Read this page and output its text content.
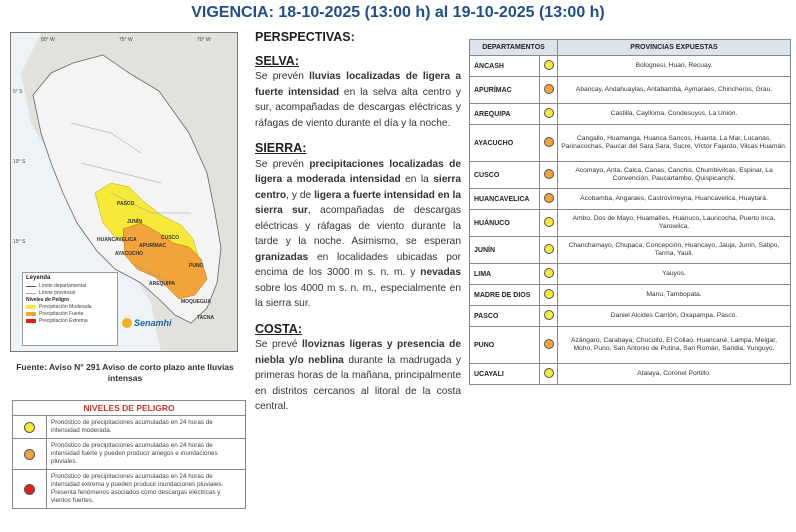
VIGENCIA: 18-10-2025 (13:00 h) al 19-10-2025 (13:00 h)
80° W	75° W	70° W
5° S
10° S
15° S
PASCO
JUNÍN
HUANCAVELICA
AYACUCHO
APURÍMAC
CUSCO
PUNO
AREQUIPA
MOQUEGUA
TACNA
Leyenda
Límite departamental
Límite provincial
Niveles de Peligro
Precipitación Moderada
Precipitación Fuerte
Precipitación Extrema	Senamhi
Fuente: Aviso N° 291 Aviso de corto plazo ante lluvias intensas
NIVELES DE PELIGRO
Pronóstico de precipitaciones acumuladas en 24 horas de intensidad moderada.
Pronóstico de precipitaciones acumuladas en 24 horas de intensidad fuerte y pueden producir aniegos e inundaciones pluviales.
Pronóstico de precipitaciones acumuladas en 24 horas de intensidad extrema y pueden producir inundaciones pluviales. Presenta fenómenos asociados como descargas eléctricas y vientos fuertes.
PERSPECTIVAS:
SELVA:

Se prevén lluvias localizadas de ligera a fuerte intensidad en la selva alta centro y sur, acompañadas de descargas eléctricas y ráfagas de viento durante el día y la noche.

SIERRA:

Se prevén precipitaciones localizadas de ligera a moderada intensidad en la sierra centro, y de ligera a fuerte intensidad en la sierra sur, acompañadas de descargas eléctricas y ráfagas de viento durante la tarde y la noche. Asimismo, se esperan granizadas en localidades ubicadas por encima de los 3000 m s. n. m. y nevadas sobre los 4000 m s. n. m., especialmente en la sierra sur.

COSTA:

Se prevé lloviznas ligeras y presencia de niebla y/o neblina durante la madrugada y primeras horas de la mañana, principalmente en distritos cercanos al litoral de la costa central.

DEPARTAMENTOS		PROVINCIAS EXPUESTAS
ÁNCASH		Bolognesi, Huari, Recuay.
APURÍMAC		Abancay, Andahuaylas, Antabamba, Aymaraes, Chincheros, Grau.
AREQUIPA		Castilla, Caylloma, Condesuyos, La Unión.
AYACUCHO		Cangallo, Huamanga, Huanca Sancos, Huanta, La Mar, Lucanas, Parinacochas, Paucar del Sara Sara, Sucre, Víctor Fajardo, Vilcas Huamán.
CUSCO		Acomayo, Anta, Calca, Canas, Canchis, Chumbivilcas, Espinar, La Convención, Paucartambo, Quispicanchi.
HUANCAVELICA		Acobamba, Angaraes, Castrovirreyna, Huancavelica, Huaytará.
HUÁNUCO		Ambo, Dos de Mayo, Huamalíes, Huánuco, Lauricocha, Puerto Inca, Yarowilca.
JUNÍN		Chanchamayo, Chupaca, Concepción, Huancayo, Jauja, Junín, Satipo, Tarma, Yauli.
LIMA		Yauyos.
MADRE DE DIOS		Manu, Tambopata.
PASCO		Daniel Alcides Carrión, Oxapampa, Pasco.
PUNO		Azángaro, Carabaya, Chucuito, El Collao, Huancané, Lampa, Melgar, Moho, Puno, San Antonio de Putina, San Román, Sandia, Yunguyo.
UCAYALI		Atalaya, Coronel Portillo.
